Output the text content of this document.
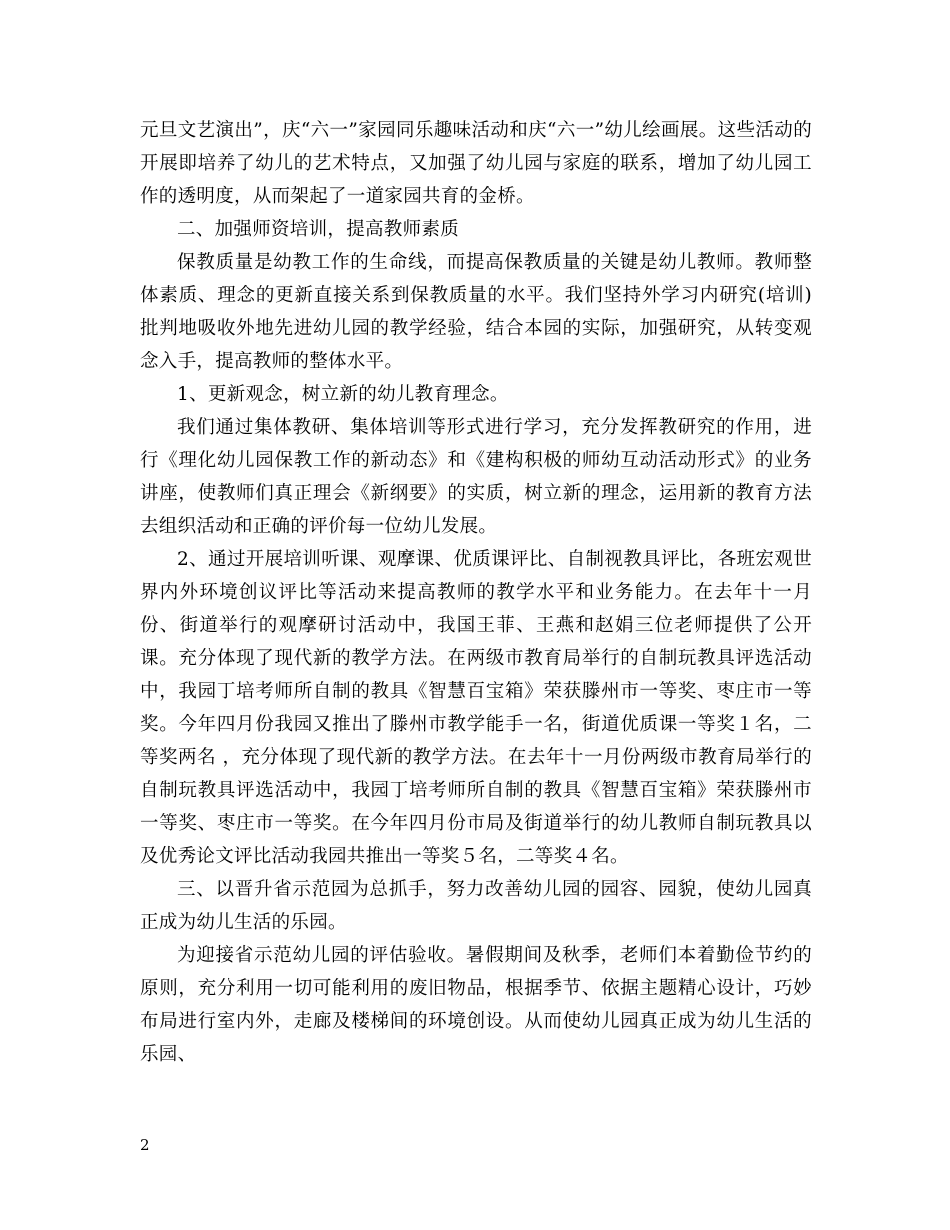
元旦文艺演出”，庆“六一”家园同乐趣味活动和庆“六一”幼儿绘画展。这些活动的开展即培养了幼儿的艺术特点，又加强了幼儿园与家庭的联系，增加了幼儿园工作的透明度，从而架起了一道家园共育的金桥。

二、加强师资培训，提高教师素质

保教质量是幼教工作的生命线，而提高保教质量的关键是幼儿教师。教师整体素质、理念的更新直接关系到保教质量的水平。我们坚持外学习内研究(培训)批判地吸收外地先进幼儿园的教学经验，结合本园的实际，加强研究，从转变观念入手，提高教师的整体水平。

1、更新观念，树立新的幼儿教育理念。

我们通过集体教研、集体培训等形式进行学习，充分发挥教研究的作用，进行《理化幼儿园保教工作的新动态》和《建构积极的师幼互动活动形式》的业务讲座，使教师们真正理会《新纲要》的实质，树立新的理念，运用新的教育方法去组织活动和正确的评价每一位幼儿发展。

2、通过开展培训听课、观摩课、优质课评比、自制视教具评比，各班宏观世界内外环境创议评比等活动来提高教师的教学水平和业务能力。在去年十一月份、街道举行的观摩研讨活动中，我国王菲、王燕和赵娟三位老师提供了公开课。充分体现了现代新的教学方法。在两级市教育局举行的自制玩教具评选活动中，我园丁培考师所自制的教具《智慧百宝箱》荣获滕州市一等奖、枣庄市一等奖。今年四月份我园又推出了滕州市教学能手一名，街道优质课一等奖１名，二等奖两名 ，充分体现了现代新的教学方法。在去年十一月份两级市教育局举行的自制玩教具评选活动中，我园丁培考师所自制的教具《智慧百宝箱》荣获滕州市一等奖、枣庄市一等奖。在今年四月份市局及街道举行的幼儿教师自制玩教具以及优秀论文评比活动我园共推出一等奖５名，二等奖４名。

三、以晋升省示范园为总抓手，努力改善幼儿园的园容、园貌，使幼儿园真正成为幼儿生活的乐园。

为迎接省示范幼儿园的评估验收。暑假期间及秋季，老师们本着勤俭节约的原则，充分利用一切可能利用的废旧物品，根据季节、依据主题精心设计，巧妙布局进行室内外，走廊及楼梯间的环境创设。从而使幼儿园真正成为幼儿生活的乐园、

2
